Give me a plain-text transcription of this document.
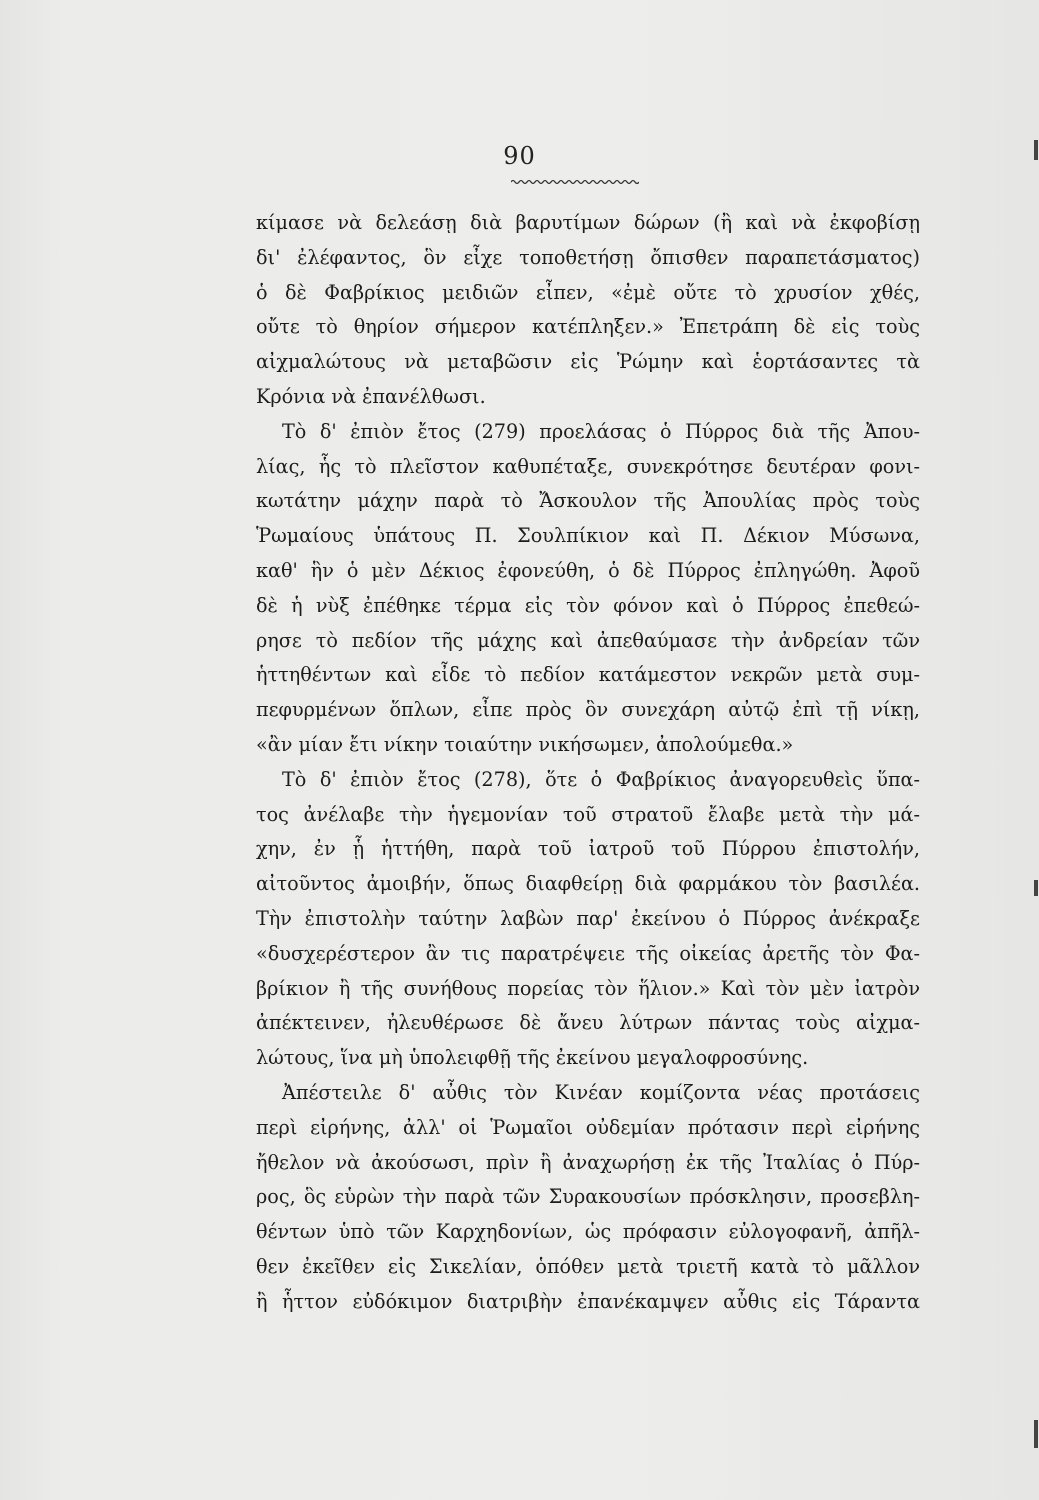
90
κίμασε νὰ δελεάσῃ διὰ βαρυτίμων δώρων (ἢ καὶ νὰ ἐκφοβίσῃ
δι' ἐλέφαντος, ὃν εἶχε τοποθετήσῃ ὄπισθεν παραπετάσματος)
ὁ δὲ Φαβρίκιος μειδιῶν εἶπεν, «ἐμὲ οὔτε τὸ χρυσίον χθές,
οὔτε τὸ θηρίον σήμερον κατέπληξεν.» Ἐπετράπη δὲ εἰς τοὺς
αἰχμαλώτους νὰ μεταβῶσιν εἰς Ῥώμην καὶ ἑορτάσαντες τὰ
Κρόνια νὰ ἐπανέλθωσι.
Τὸ δ' ἐπιὸν ἔτος (279) προελάσας ὁ Πύρρος διὰ τῆς Ἀπου-
λίας, ἧς τὸ πλεῖστον καθυπέταξε, συνεκρότησε δευτέραν φονι-
κωτάτην μάχην παρὰ τὸ Ἄσκουλον τῆς Ἀπουλίας πρὸς τοὺς
Ῥωμαίους ὑπάτους Π. Σουλπίκιον καὶ Π. Δέκιον Μύσωνα,
καθ' ἣν ὁ μὲν Δέκιος ἐφονεύθη, ὁ δὲ Πύρρος ἐπληγώθη. Ἀφοῦ
δὲ ἡ νὺξ ἐπέθηκε τέρμα εἰς τὸν φόνον καὶ ὁ Πύρρος ἐπεθεώ-
ρησε τὸ πεδίον τῆς μάχης καὶ ἀπεθαύμασε τὴν ἀνδρείαν τῶν
ἡττηθέντων καὶ εἶδε τὸ πεδίον κατάμεστον νεκρῶν μετὰ συμ-
πεφυρμένων ὅπλων, εἶπε πρὸς ὃν συνεχάρη αὐτῷ ἐπὶ τῇ νίκῃ,
«ἂν μίαν ἔτι νίκην τοιαύτην νικήσωμεν, ἀπολούμεθα.»
Τὸ δ' ἐπιὸν ἔτος (278), ὅτε ὁ Φαβρίκιος ἀναγορευθεὶς ὕπα-
τος ἀνέλαβε τὴν ἡγεμονίαν τοῦ στρατοῦ ἔλαβε μετὰ τὴν μά-
χην, ἐν ᾗ ἡττήθη, παρὰ τοῦ ἰατροῦ τοῦ Πύρρου ἐπιστολήν,
αἰτοῦντος ἀμοιβήν, ὅπως διαφθείρῃ διὰ φαρμάκου τὸν βασιλέα.
Τὴν ἐπιστολὴν ταύτην λαβὼν παρ' ἐκείνου ὁ Πύρρος ἀνέκραξε
«δυσχερέστερον ἂν τις παρατρέψειε τῆς οἰκείας ἀρετῆς τὸν Φα-
βρίκιον ἢ τῆς συνήθους πορείας τὸν ἥλιον.» Καὶ τὸν μὲν ἰατρὸν
ἀπέκτεινεν, ἠλευθέρωσε δὲ ἄνευ λύτρων πάντας τοὺς αἰχμα-
λώτους, ἵνα μὴ ὑπολειφθῇ τῆς ἐκείνου μεγαλοφροσύνης.
Ἀπέστειλε δ' αὖθις τὸν Κινέαν κομίζοντα νέας προτάσεις
περὶ εἰρήνης, ἀλλ' οἱ Ῥωμαῖοι οὐδεμίαν πρότασιν περὶ εἰρήνης
ἤθελον νὰ ἀκούσωσι, πρὶν ἢ ἀναχωρήσῃ ἐκ τῆς Ἰταλίας ὁ Πύρ-
ρος, ὃς εὑρὼν τὴν παρὰ τῶν Συρακουσίων πρόσκλησιν, προσεβλη-
θέντων ὑπὸ τῶν Καρχηδονίων, ὡς πρόφασιν εὐλογοφανῆ, ἀπῆλ-
θεν ἐκεῖθεν εἰς Σικελίαν, ὁπόθεν μετὰ τριετῆ κατὰ τὸ μᾶλλον
ἢ ἧττον εὐδόκιμον διατριβὴν ἐπανέκαμψεν αὖθις εἰς Τάραντα
